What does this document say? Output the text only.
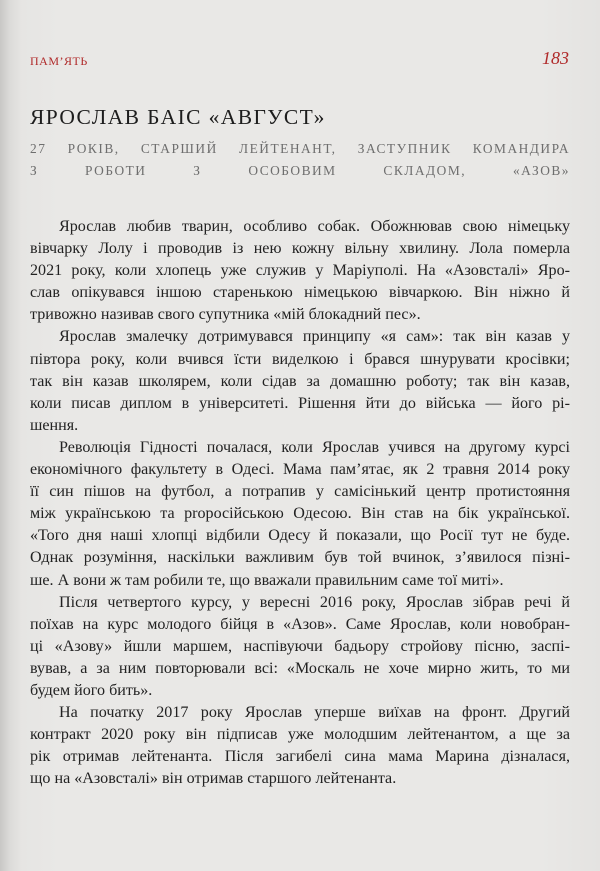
ПАМ’ЯТЬ	183
ЯРОСЛАВ БАІС «АВГУСТ»
27 РОКІВ, СТАРШИЙ ЛЕЙТЕНАНТ, ЗАСТУПНИК КОМАНДИРА
З РОБОТИ З ОСОБОВИМ СКЛАДОМ, «АЗОВ»

Ярослав любив тварин, особливо собак. Обожнював свою німецьку
вівчарку Лолу і проводив із нею кожну вільну хвилину. Лола померла
2021 року, коли хлопець уже служив у Маріуполі. На «Азовсталі» Яро-
слав опікувався іншою старенькою німецькою вівчаркою. Він ніжно й
тривожно називав свого супутника «мій блокадний пес».

Ярослав змалечку дотримувався принципу «я сам»: так він казав у
півтора року, коли вчився їсти виделкою і брався шнурувати кросівки;
так він казав школярем, коли сідав за домашню роботу; так він казав,
коли писав диплом в університеті. Рішення йти до війська — його рі-
шення.

Революція Гідності почалася, коли Ярослав учився на другому курсі
економічного факультету в Одесі. Мама пам’ятає, як 2 травня 2014 року
її син пішов на футбол, а потрапив у самісінький центр протистояння
між українською та proросійською Одесою. Він став на бік української.
«Того дня наші хлопці відбили Одесу й показали, що Росії тут не буде.
Однак розуміння, наскільки важливим був той вчинок, з’явилося пізні-
ше. А вони ж там робили те, що вважали правильним саме тої миті».

Після четвертого курсу, у вересні 2016 року, Ярослав зібрав речі й
поїхав на курс молодого бійця в «Азов». Саме Ярослав, коли новобран-
ці «Азову» йшли маршем, наспівуючи бадьору стройову пісню, заспі-
вував, а за ним повторювали всі: «Москаль не хоче мирно жить, то ми
будем його бить».

На початку 2017 року Ярослав уперше виїхав на фронт. Другий
контракт 2020 року він підписав уже молодшим лейтенантом, а ще за
рік отримав лейтенанта. Після загибелі сина мама Марина дізналася,
що на «Азовсталі» він отримав старшого лейтенанта.
